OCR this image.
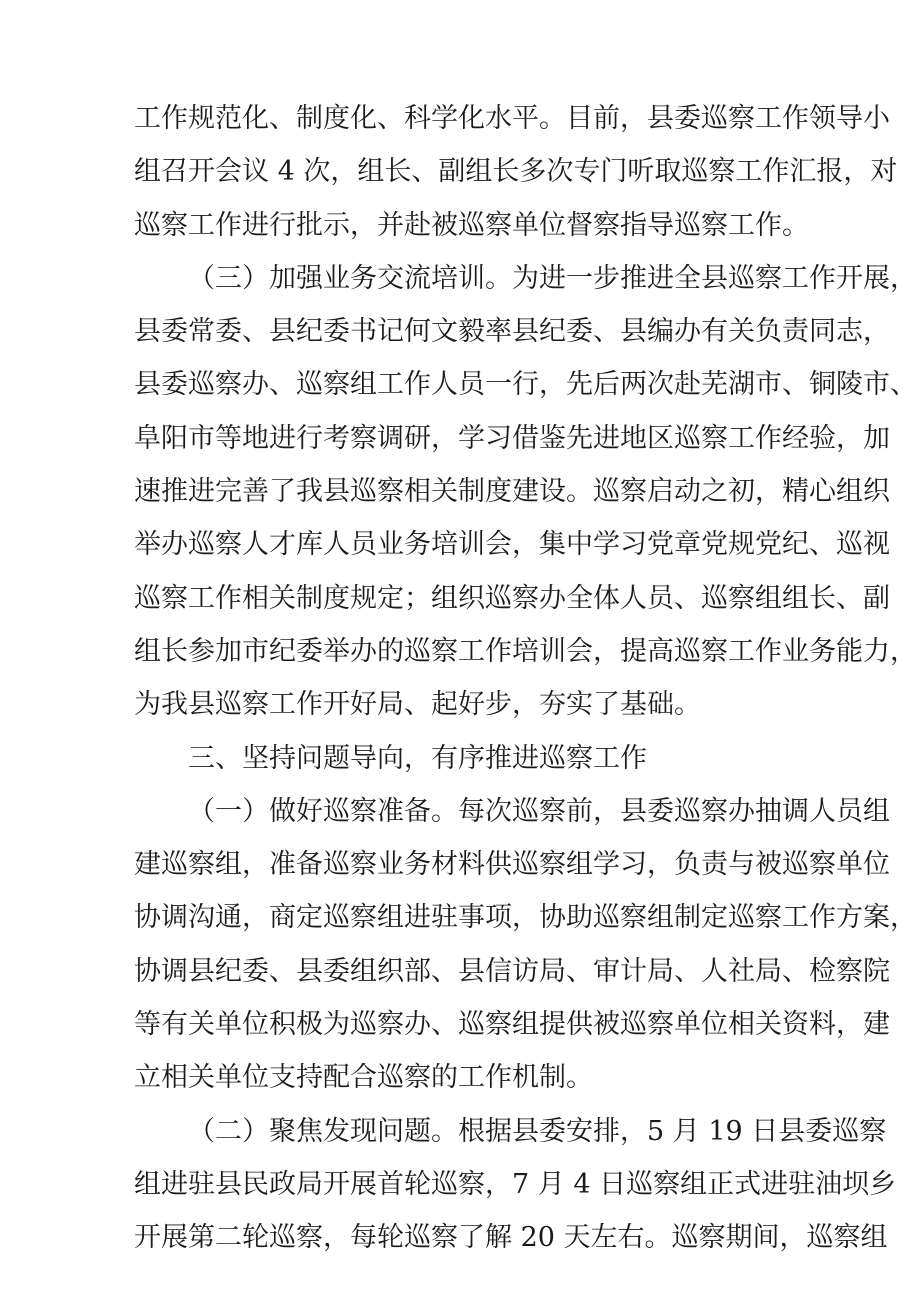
工作规范化、制度化、科学化水平。目前，县委巡察工作领导小
组召开会议 4 次，组长、副组长多次专门听取巡察工作汇报，对
巡察工作进行批示，并赴被巡察单位督察指导巡察工作。
（三）加强业务交流培训。为进一步推进全县巡察工作开展，
县委常委、县纪委书记何文毅率县纪委、县编办有关负责同志，
县委巡察办、巡察组工作人员一行，先后两次赴芜湖市、铜陵市、
阜阳市等地进行考察调研，学习借鉴先进地区巡察工作经验，加
速推进完善了我县巡察相关制度建设。巡察启动之初，精心组织
举办巡察人才库人员业务培训会，集中学习党章党规党纪、巡视
巡察工作相关制度规定；组织巡察办全体人员、巡察组组长、副
组长参加市纪委举办的巡察工作培训会，提高巡察工作业务能力，
为我县巡察工作开好局、起好步，夯实了基础。
三、坚持问题导向，有序推进巡察工作
（一）做好巡察准备。每次巡察前，县委巡察办抽调人员组
建巡察组，准备巡察业务材料供巡察组学习，负责与被巡察单位
协调沟通，商定巡察组进驻事项，协助巡察组制定巡察工作方案，
协调县纪委、县委组织部、县信访局、审计局、人社局、检察院
等有关单位积极为巡察办、巡察组提供被巡察单位相关资料，建
立相关单位支持配合巡察的工作机制。
（二）聚焦发现问题。根据县委安排，5 月 19 日县委巡察
组进驻县民政局开展首轮巡察，7 月 4 日巡察组正式进驻油坝乡
开展第二轮巡察，每轮巡察了解 20 天左右。巡察期间，巡察组
